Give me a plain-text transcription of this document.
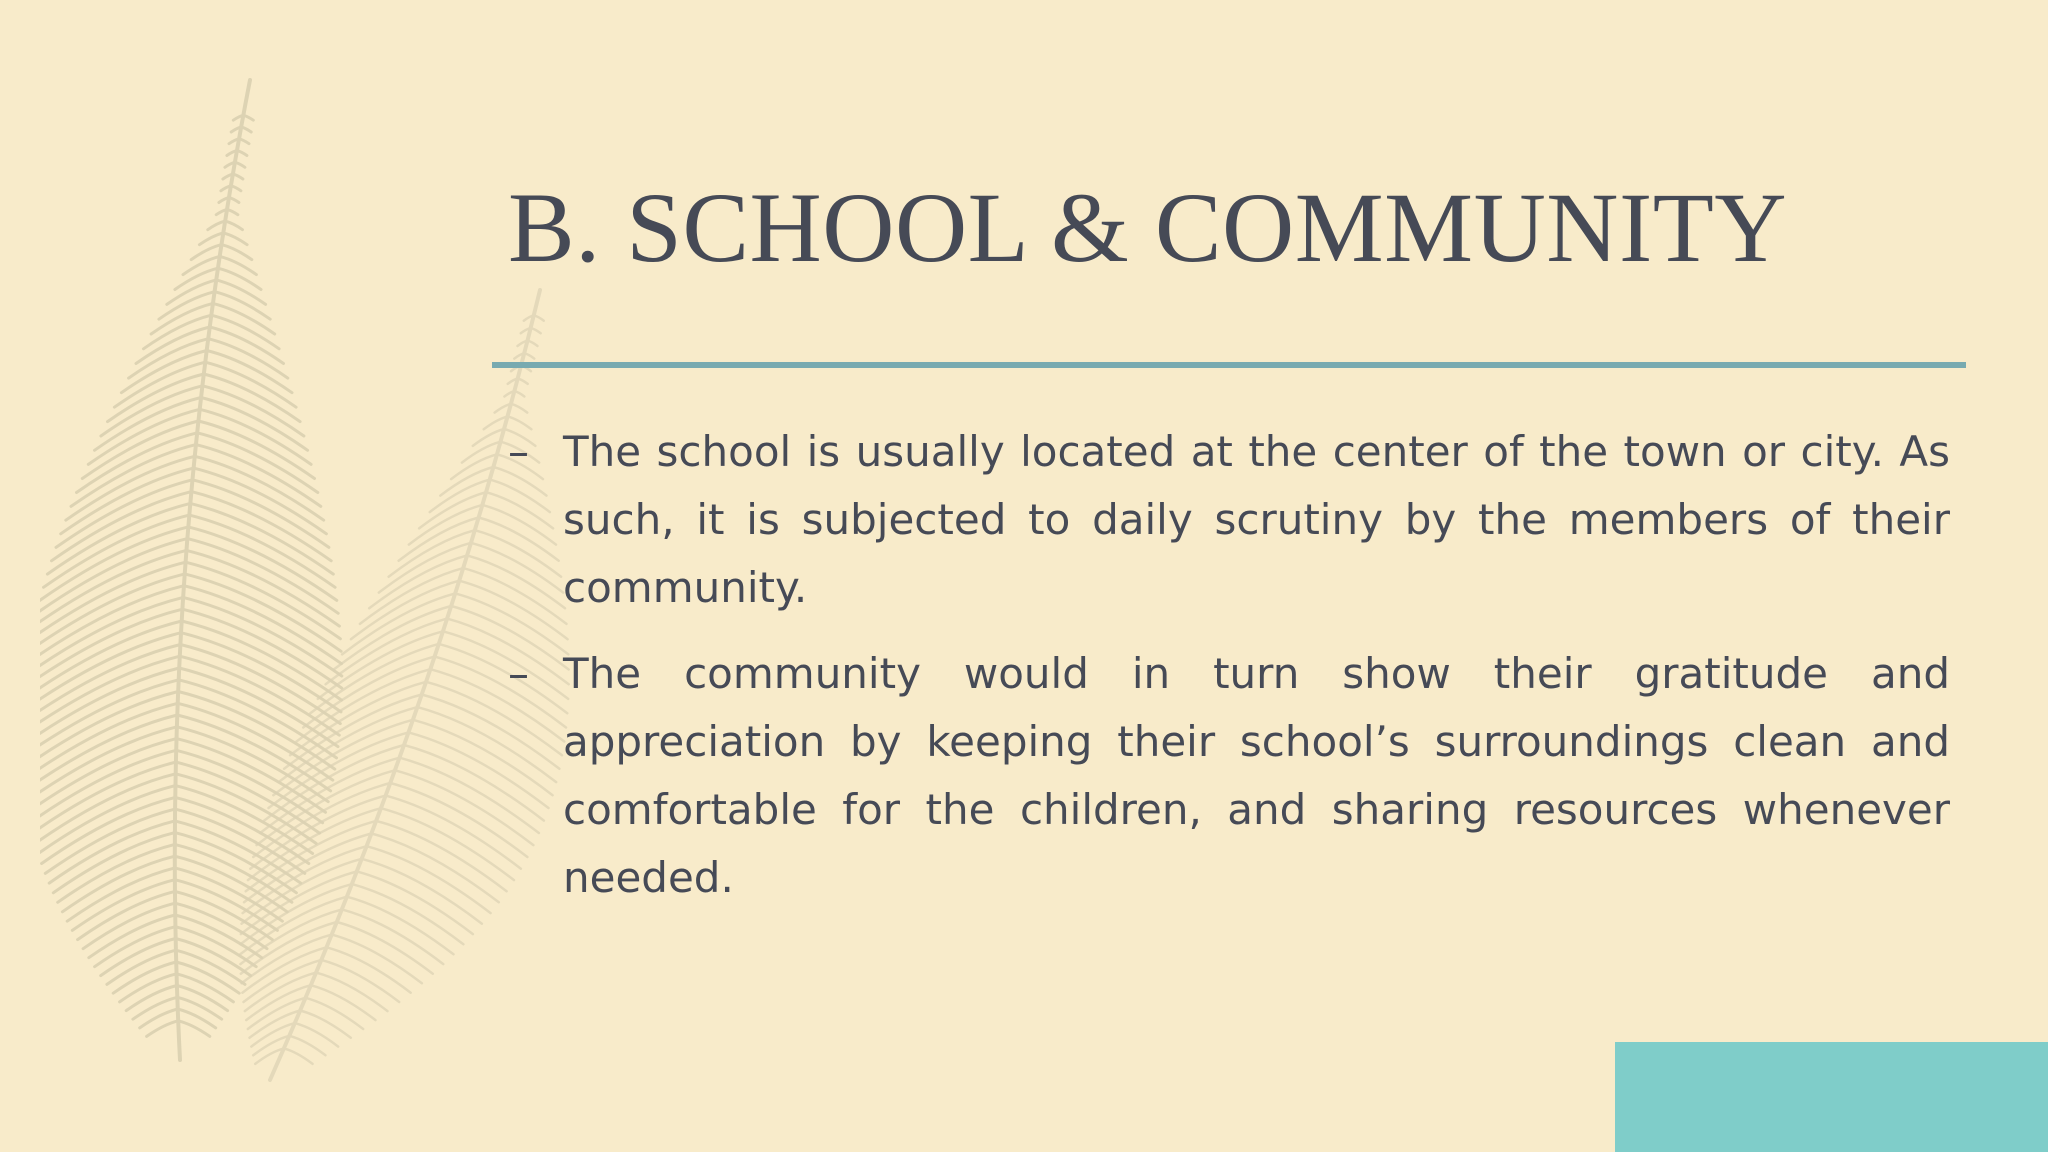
B. SCHOOL & COMMUNITY
– The school is usually located at the center of the town or city. As such, it is subjected to daily scrutiny by the members of their community.
– The community would in turn show their gratitude and appreciation by keeping their school’s surroundings clean and comfortable for the children, and sharing resources whenever needed.
